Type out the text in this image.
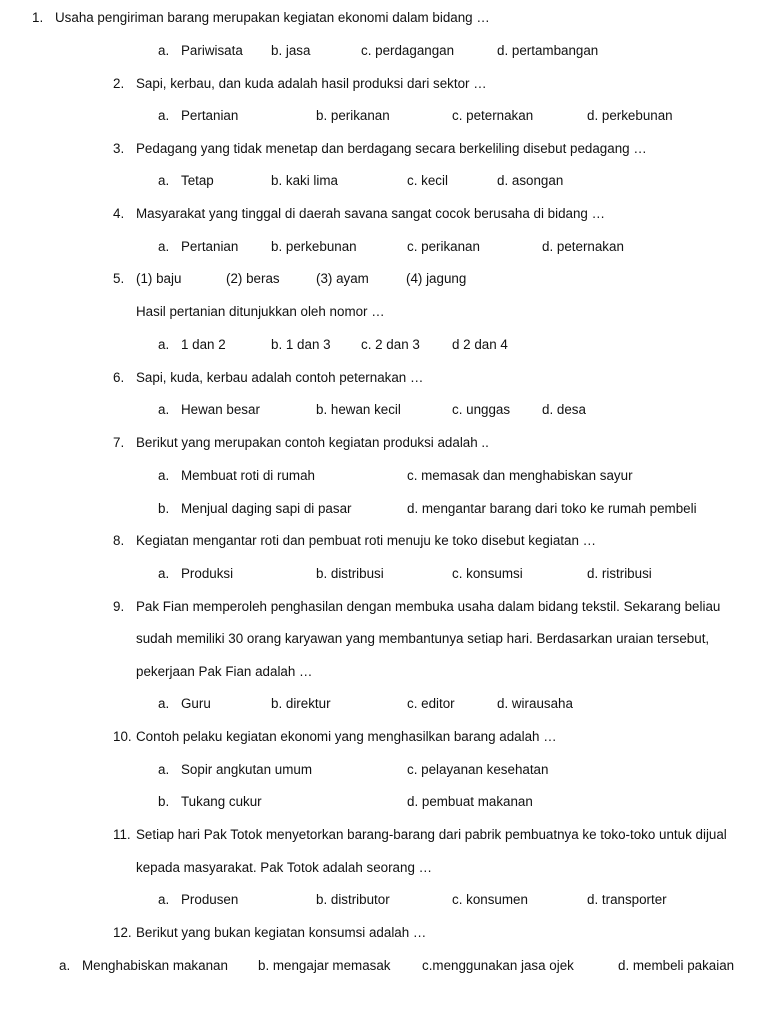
1. Usaha pengiriman barang merupakan kegiatan ekonomi dalam bidang …
a. Pariwisata b. jasa	c. perdagangan	d. pertambangan
2. Sapi, kerbau, dan kuda adalah hasil produksi dari sektor …
a. Pertanian	b. perikanan	c. peternakan	d. perkebunan
3. Pedagang yang tidak menetap dan berdagang secara berkeliling disebut pedagang …
a. Tetap	b. kaki lima	c. kecil	d. asongan
4. Masyarakat yang tinggal di daerah savana sangat cocok berusaha di bidang …
a. Pertanian b. perkebunan	c. perikanan	d. peternakan
5. (1) baju	(2) beras	(3) ayam	(4) jagung
Hasil pertanian ditunjukkan oleh nomor …
a. 1 dan 2	b. 1 dan 3 c. 2 dan 3 d 2 dan 4
6. Sapi, kuda, kerbau adalah contoh peternakan …
a. Hewan besar	b. hewan kecil	c. unggas d. desa
7. Berikut yang merupakan contoh kegiatan produksi adalah ..
a. Membuat roti di rumah	c. memasak dan menghabiskan sayur
b. Menjual daging sapi di pasar	d. mengantar barang dari toko ke rumah pembeli
8. Kegiatan mengantar roti dan pembuat roti menuju ke toko disebut kegiatan …
a. Produksi	b. distribusi	c. konsumsi	d. ristribusi
9. Pak Fian memperoleh penghasilan dengan membuka usaha dalam bidang tekstil. Sekarang beliau
sudah memiliki 30 orang karyawan yang membantunya setiap hari. Berdasarkan uraian tersebut,
pekerjaan Pak Fian adalah …
a. Guru	b. direktur	c. editor	d. wirausaha
10. Contoh pelaku kegiatan ekonomi yang menghasilkan barang adalah …
a. Sopir angkutan umum	c. pelayanan kesehatan
b. Tukang cukur	d. pembuat makanan
11. Setiap hari Pak Totok menyetorkan barang-barang dari pabrik pembuatnya ke toko-toko untuk dijual
kepada masyarakat. Pak Totok adalah seorang …
a. Produsen	b. distributor	c. konsumen	d. transporter
12. Berikut yang bukan kegiatan konsumsi adalah …
a. Menghabiskan makanan b. mengajar memasak c.menggunakan jasa ojek	d. membeli pakaian
